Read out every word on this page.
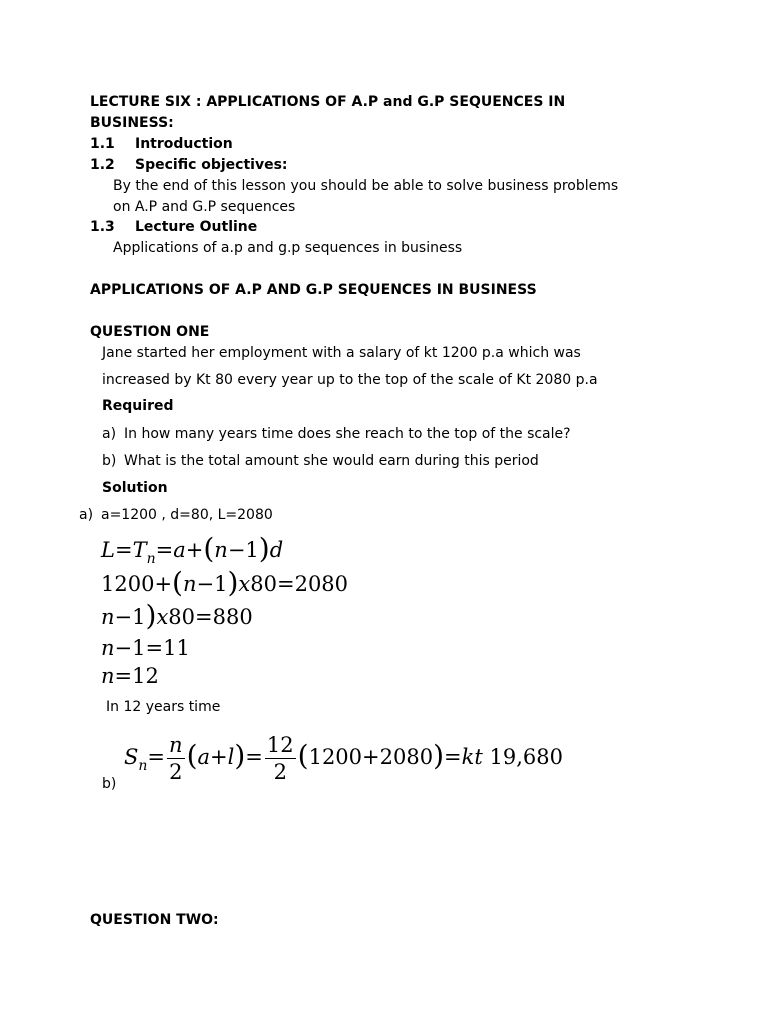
LECTURE SIX : APPLICATIONS OF A.P and G.P SEQUENCES IN
BUSINESS:
1.1 Introduction
1.2 Specific objectives:
By the end of this lesson you should be able to solve business problems
on A.P and G.P sequences
1.3 Lecture Outline
Applications of a.p and g.p sequences in business
APPLICATIONS OF A.P AND G.P SEQUENCES IN BUSINESS
QUESTION ONE
Jane started her employment with a salary of kt 1200 p.a which was
increased by Kt 80 every year up to the top of the scale of Kt 2080 p.a
Required
a) In how many years time does she reach to the top of the scale?
b) What is the total amount she would earn during this period
Solution
a) a=1200 , d=80, L=2080
$L=T_n=a+(n-1)d$
1200+(n−1)x80=2080
n−1)x80=880
n−1=11
n=12
In 12 years time
$S_n= \frac{n}{2} (a+l)= \frac{12}{2} (1200+2080)=kt$ 19,680
b)
QUESTION TWO:
